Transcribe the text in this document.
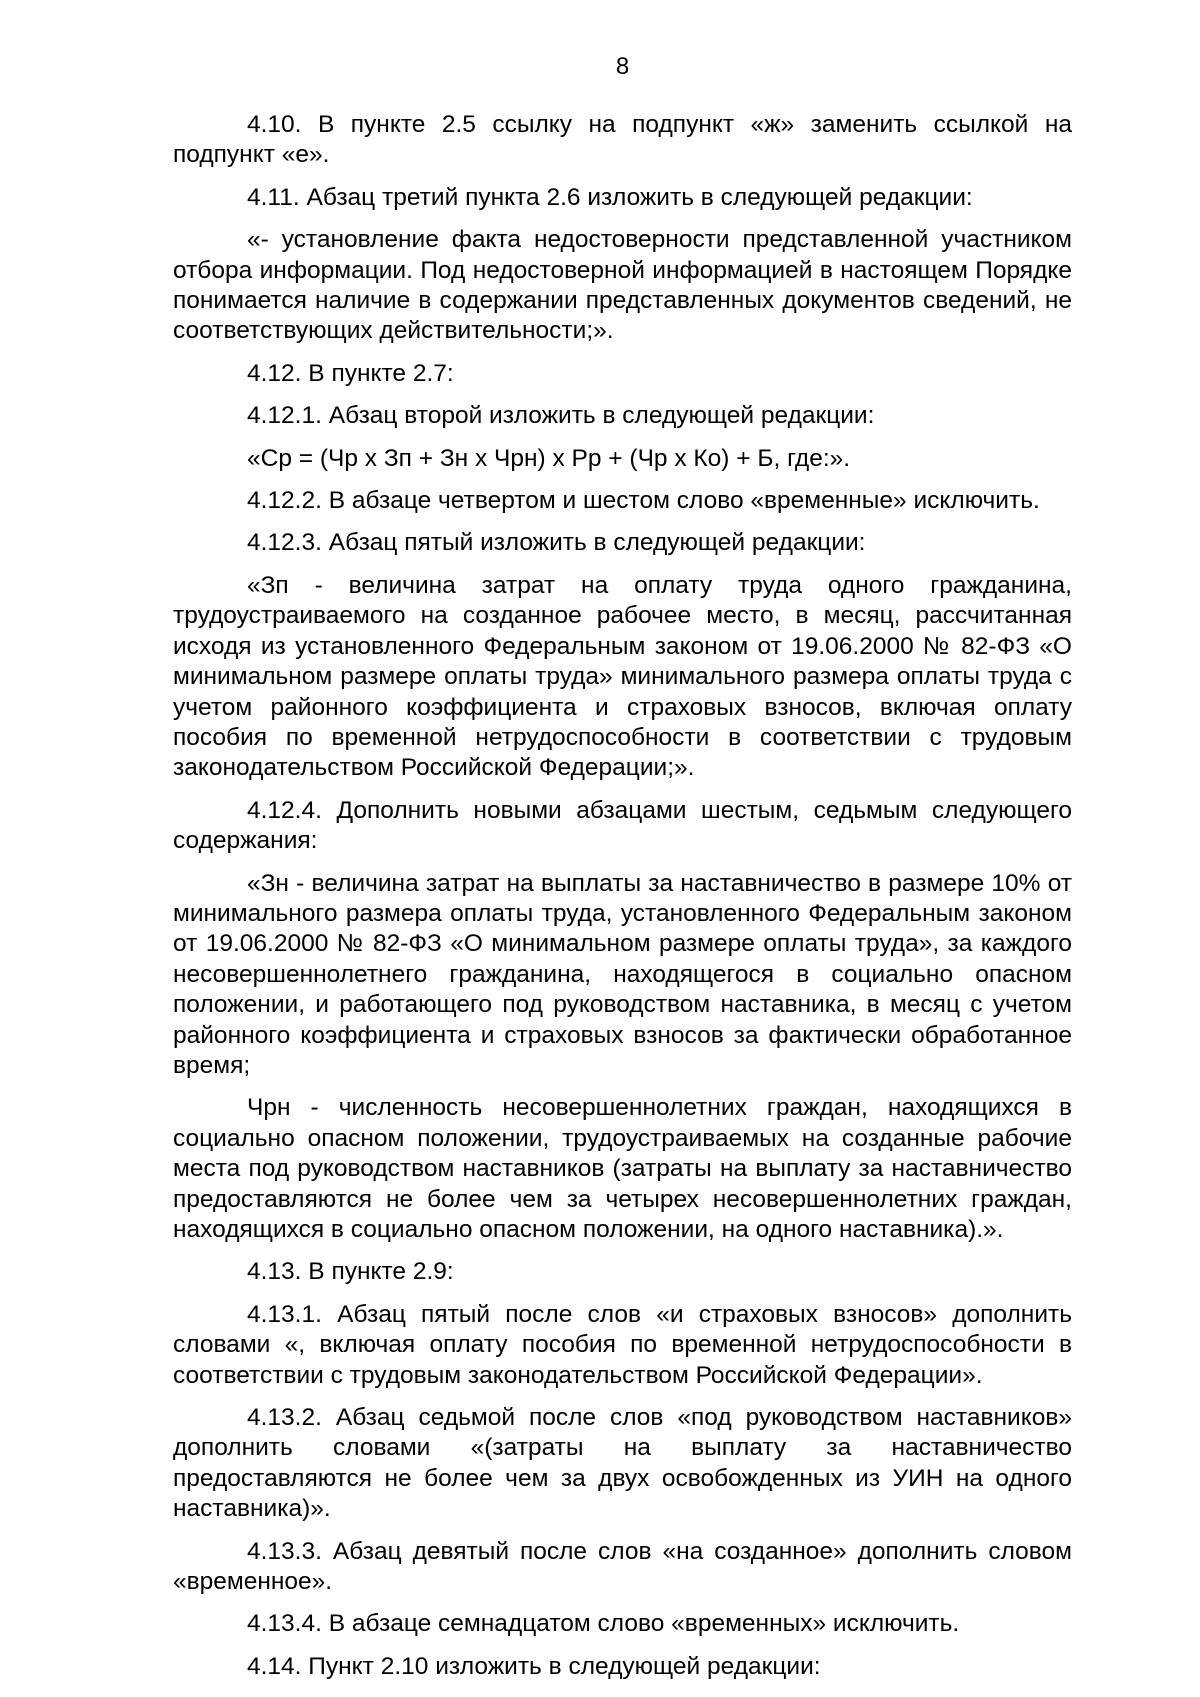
8

4.10. В пункте 2.5 ссылку на подпункт «ж» заменить ссылкой на подпункт «е».

4.11. Абзац третий пункта 2.6 изложить в следующей редакции:

«- установление факта недостоверности представленной участником отбора информации. Под недостоверной информацией в настоящем Порядке понимается наличие в содержании представленных документов сведений, не соответствующих действительности;».

4.12. В пункте 2.7:

4.12.1. Абзац второй изложить в следующей редакции:

«Ср = (Чр х Зп + Зн х Чрн) х Рр + (Чр х Ко) + Б, где:».

4.12.2. В абзаце четвертом и шестом слово «временные» исключить.

4.12.3. Абзац пятый изложить в следующей редакции:

«Зп - величина затрат на оплату труда одного гражданина, трудоустраиваемого на созданное рабочее место, в месяц, рассчитанная исходя из установленного Федеральным законом от 19.06.2000 № 82-ФЗ «О минимальном размере оплаты труда» минимального размера оплаты труда с учетом районного коэффициента и страховых взносов, включая оплату пособия по временной нетрудоспособности в соответствии с трудовым законодательством Российской Федерации;».

4.12.4. Дополнить новыми абзацами шестым, седьмым следующего содержания:

«Зн - величина затрат на выплаты за наставничество в размере 10% от минимального размера оплаты труда, установленного Федеральным законом от 19.06.2000 № 82-ФЗ «О минимальном размере оплаты труда», за каждого несовершеннолетнего гражданина, находящегося в социально опасном положении, и работающего под руководством наставника, в месяц с учетом районного коэффициента и страховых взносов за фактически обработанное время;

Чрн - численность несовершеннолетних граждан, находящихся в социально опасном положении, трудоустраиваемых на созданные рабочие места под руководством наставников (затраты на выплату за наставничество предоставляются не более чем за четырех несовершеннолетних граждан, находящихся в социально опасном положении, на одного наставника).».

4.13. В пункте 2.9:

4.13.1. Абзац пятый после слов «и страховых взносов» дополнить словами «, включая оплату пособия по временной нетрудоспособности в соответствии с трудовым законодательством Российской Федерации».

4.13.2. Абзац седьмой после слов «под руководством наставников» дополнить словами «(затраты на выплату за наставничество предоставляются не более чем за двух освобожденных из УИН на одного наставника)».

4.13.3. Абзац девятый после слов «на созданное» дополнить словом «временное».

4.13.4. В абзаце семнадцатом слово «временных» исключить.

4.14. Пункт 2.10 изложить в следующей редакции:
